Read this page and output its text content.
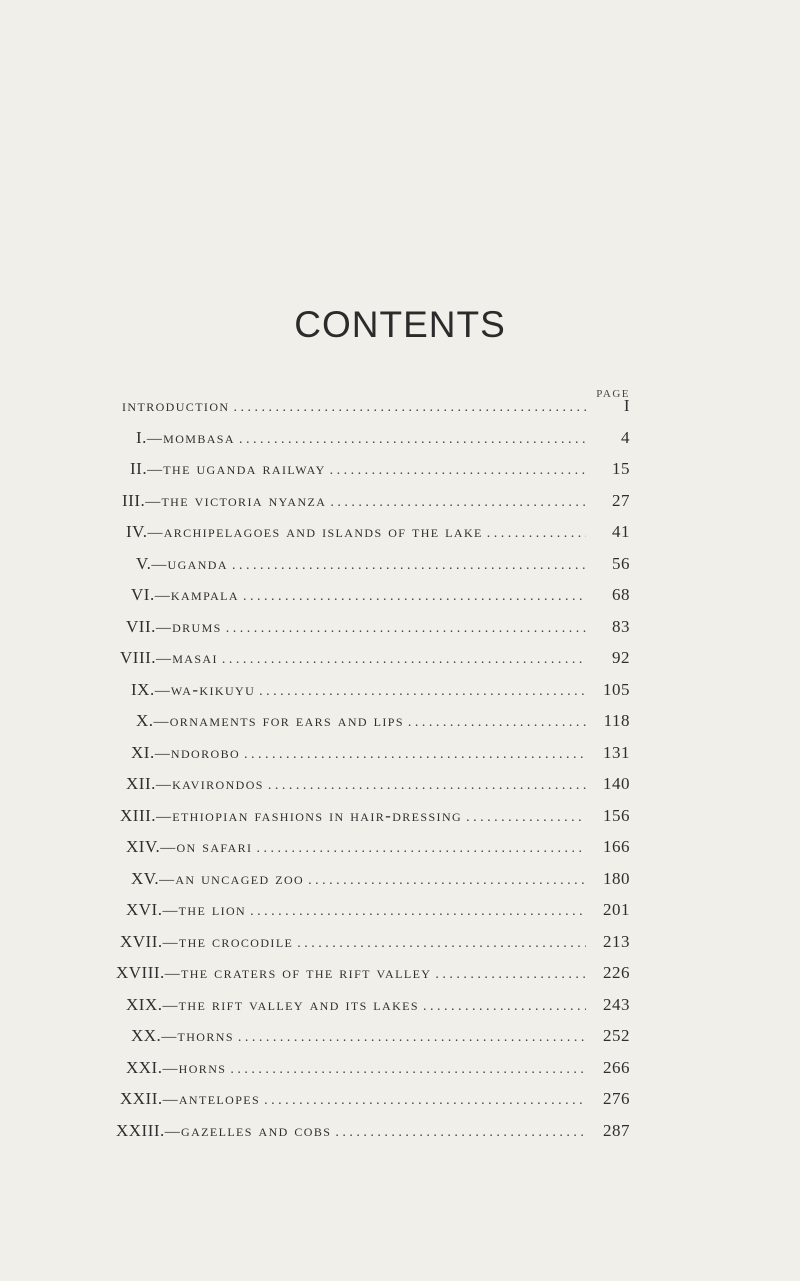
CONTENTS
PAGE
introduction . . .	I
I. — mombasa . . .	4
II. — the uganda railway . . .	15
III. — the victoria nyanza . . .	27
IV. — archipelagoes and islands of the lake . . .	41
V. — uganda . . .	56
VI. — kampala . . .	68
VII. — drums . . .	83
VIII. — masai . . .	92
IX. — wa-kikuyu . . .	105
X. — ornaments for ears and lips . . .	118
XI. — ndorobo . . .	131
XII. — kavirondos . . .	140
XIII. — ethiopian fashions in hair-dressing . . .	156
XIV. — on safari . . .	166
XV. — an uncaged zoo . . .	180
XVI. — the lion . . .	201
XVII. — the crocodile . . .	213
XVIII. — the craters of the rift valley . . .	226
XIX. — the rift valley and its lakes . . .	243
XX. — thorns . . .	252
XXI. — horns . . .	266
XXII. — antelopes . . .	276
XXIII. — gazelles and cobs . . .	287
